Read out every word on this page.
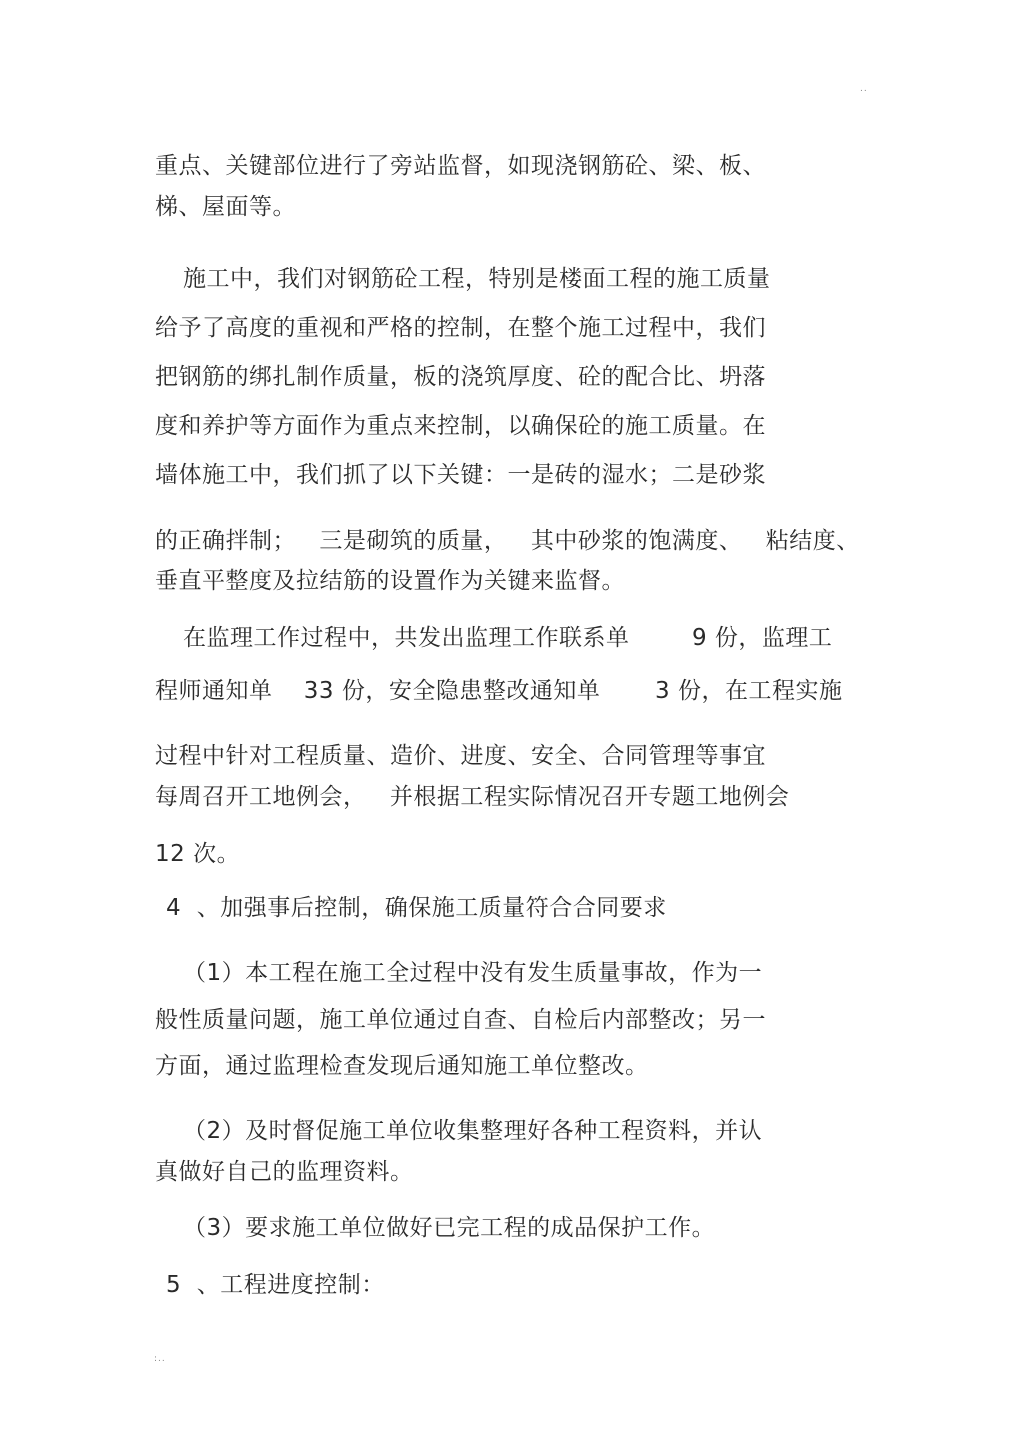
..

重点、关键部位进行了旁站监督，如现浇钢筋砼、梁、板、

梯、屋面等。

施工中，我们对钢筋砼工程，特别是楼面工程的施工质量

给予了高度的重视和严格的控制，在整个施工过程中，我们

把钢筋的绑扎制作质量，板的浇筑厚度、砼的配合比、坍落

度和养护等方面作为重点来控制，以确保砼的施工质量。在

墙体施工中，我们抓了以下关键：一是砖的湿水；二是砂浆

的正确拌制；   三是砌筑的质量，   其中砂浆的饱满度、   粘结度、

垂直平整度及拉结筋的设置作为关键来监督。

在监理工作过程中，共发出监理工作联系单        9 份，监理工

程师通知单    33 份，安全隐患整改通知单       3 份，在工程实施

过程中针对工程质量、造价、进度、安全、合同管理等事宜

每周召开工地例会，   并根据工程实际情况召开专题工地例会

12 次。

4  、加强事后控制，确保施工质量符合合同要求

（1）本工程在施工全过程中没有发生质量事故，作为一

般性质量问题，施工单位通过自查、自检后内部整改；另一

方面，通过监理检查发现后通知施工单位整改。

（2）及时督促施工单位收集整理好各种工程资料，并认

真做好自己的监理资料。

（3）要求施工单位做好已完工程的成品保护工作。

5  、工程进度控制：

:..
